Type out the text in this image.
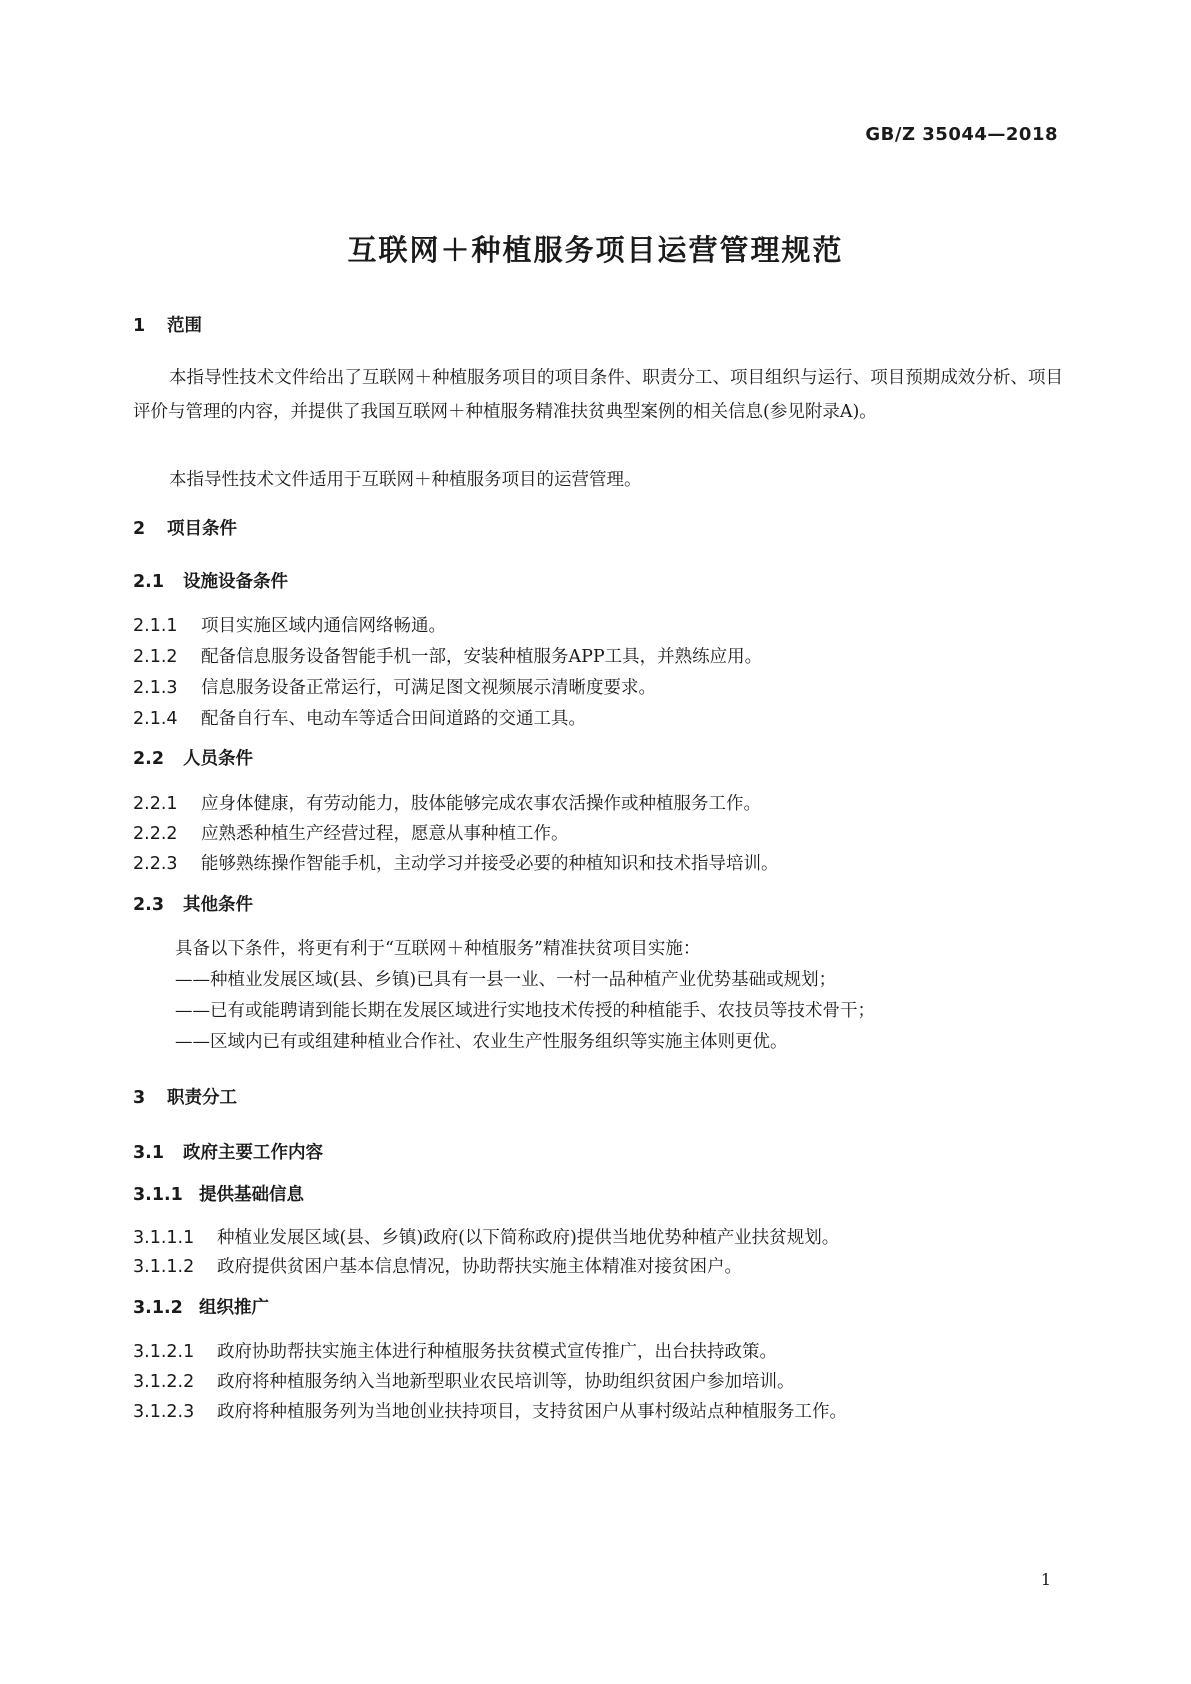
GB/Z 35044—2018
互联网＋种植服务项目运营管理规范
1 范围
本指导性技术文件给出了互联网＋种植服务项目的项目条件、职责分工、项目组织与运行、项目预期成效分析、项目评价与管理的内容，并提供了我国互联网＋种植服务精准扶贫典型案例的相关信息(参见附录A)。
本指导性技术文件适用于互联网＋种植服务项目的运营管理。
2 项目条件
2.1 设施设备条件
2.1.1 项目实施区域内通信网络畅通。
2.1.2 配备信息服务设备智能手机一部，安装种植服务APP工具，并熟练应用。
2.1.3 信息服务设备正常运行，可满足图文视频展示清晰度要求。
2.1.4 配备自行车、电动车等适合田间道路的交通工具。
2.2 人员条件
2.2.1 应身体健康，有劳动能力，肢体能够完成农事农活操作或种植服务工作。
2.2.2 应熟悉种植生产经营过程，愿意从事种植工作。
2.2.3 能够熟练操作智能手机，主动学习并接受必要的种植知识和技术指导培训。
2.3 其他条件
具备以下条件，将更有利于“互联网＋种植服务”精准扶贫项目实施：
——种植业发展区域(县、乡镇)已具有一县一业、一村一品种植产业优势基础或规划；
——已有或能聘请到能长期在发展区域进行实地技术传授的种植能手、农技员等技术骨干；
——区域内已有或组建种植业合作社、农业生产性服务组织等实施主体则更优。
3 职责分工
3.1 政府主要工作内容
3.1.1 提供基础信息
3.1.1.1 种植业发展区域(县、乡镇)政府(以下简称政府)提供当地优势种植产业扶贫规划。
3.1.1.2 政府提供贫困户基本信息情况，协助帮扶实施主体精准对接贫困户。
3.1.2 组织推广
3.1.2.1 政府协助帮扶实施主体进行种植服务扶贫模式宣传推广，出台扶持政策。
3.1.2.2 政府将种植服务纳入当地新型职业农民培训等，协助组织贫困户参加培训。
3.1.2.3 政府将种植服务列为当地创业扶持项目，支持贫困户从事村级站点种植服务工作。
1
